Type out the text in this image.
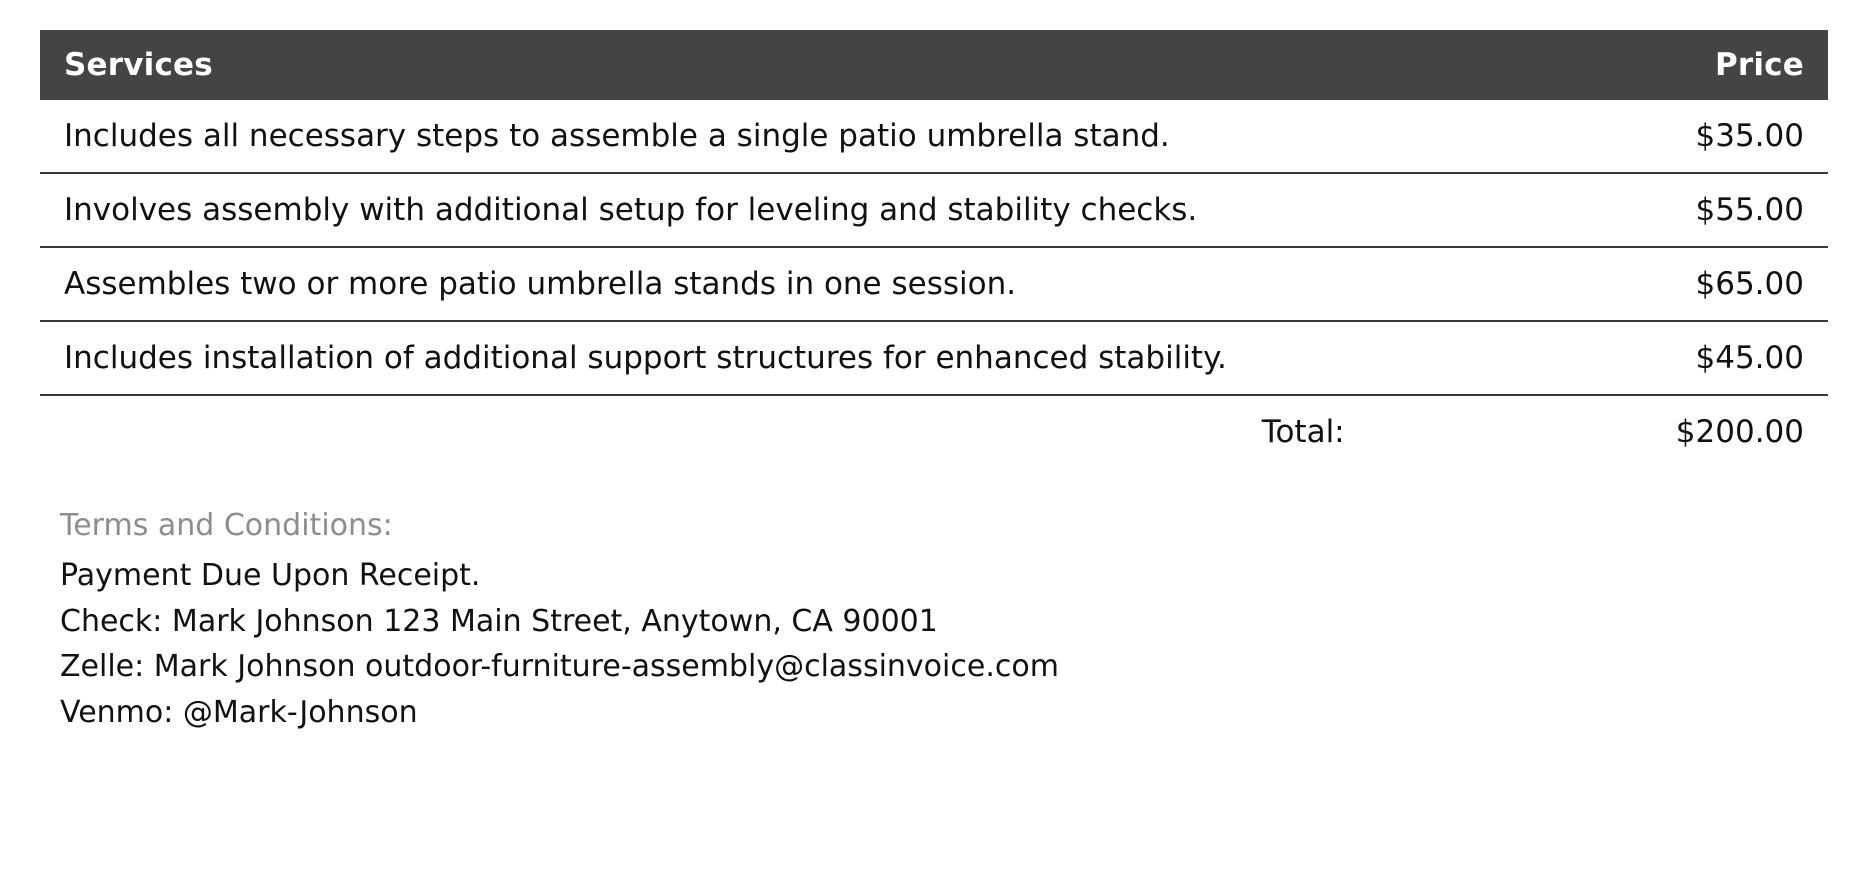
Services	Price
Includes all necessary steps to assemble a single patio umbrella stand.	$35.00
Involves assembly with additional setup for leveling and stability checks.	$55.00
Assembles two or more patio umbrella stands in one session.	$65.00
Includes installation of additional support structures for enhanced stability.	$45.00
Total:	$200.00
Terms and Conditions:
Payment Due Upon Receipt.
Check: Mark Johnson 123 Main Street, Anytown, CA 90001
Zelle: Mark Johnson outdoor-furniture-assembly@classinvoice.com
Venmo: @Mark-Johnson
